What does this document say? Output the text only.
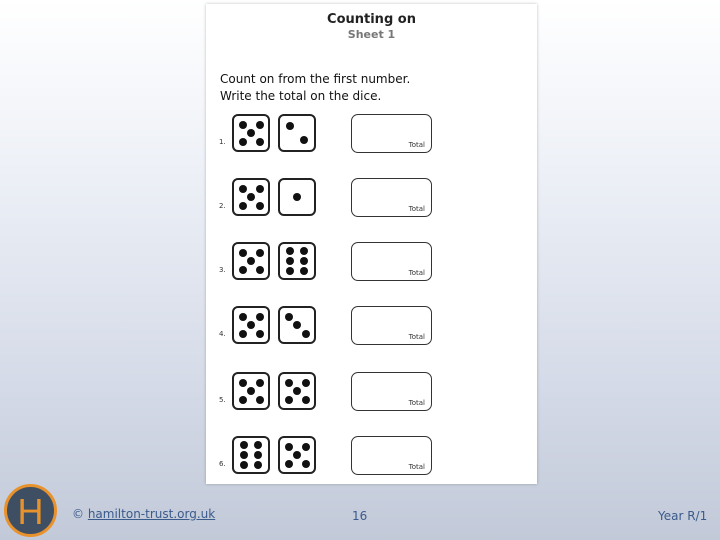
Counting on
Sheet 1
Count on from the first number.
Write the total on the dice.
1.	Total
2.	Total
3.	Total
4.	Total
5.	Total
6.	Total
H	© hamilton-trust.org.uk	16	Year R/1
